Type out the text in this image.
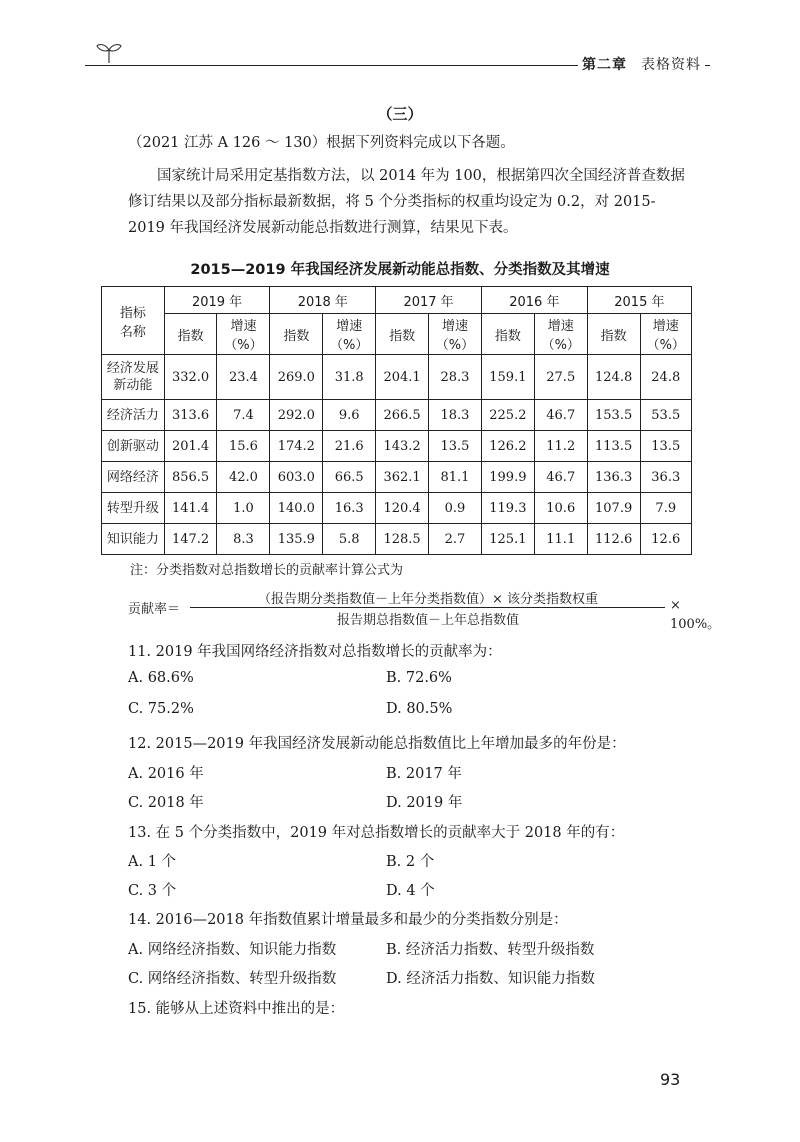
第二章 表格资料
（三）
（2021 江苏 A 126 ～ 130）根据下列资料完成以下各题。
国家统计局采用定基指数方法，以 2014 年为 100，根据第四次全国经济普查数据修订结果以及部分指标最新数据，将 5 个分类指标的权重均设定为 0.2，对 2015-2019 年我国经济发展新动能总指数进行测算，结果见下表。
2015—2019 年我国经济发展新动能总指数、分类指数及其增速
指标名称	2019 年		2018 年		2017 年		2016 年		2015 年	
	指数	增速（%）	指数	增速（%）	指数	增速（%）	指数	增速（%）	指数	增速（%）
经济发展新动能	332.0	23.4	269.0	31.8	204.1	28.3	159.1	27.5	124.8	24.8
经济活力	313.6	7.4	292.0	9.6	266.5	18.3	225.2	46.7	153.5	53.5
创新驱动	201.4	15.6	174.2	21.6	143.2	13.5	126.2	11.2	113.5	13.5
网络经济	856.5	42.0	603.0	66.5	362.1	81.1	199.9	46.7	136.3	36.3
转型升级	141.4	1.0	140.0	16.3	120.4	0.9	119.3	10.6	107.9	7.9
知识能力	147.2	8.3	135.9	5.8	128.5	2.7	125.1	11.1	112.6	12.6
注：分类指数对总指数增长的贡献率计算公式为
贡献率＝
（报告期分类指数值－上年分类指数值）× 该分类指数权重
报告期总指数值－上年总指数值
× 100%。
11. 2019 年我国网络经济指数对总指数增长的贡献率为：
A. 68.6%	B. 72.6%
C. 75.2%	D. 80.5%
12. 2015—2019 年我国经济发展新动能总指数值比上年增加最多的年份是：
A. 2016 年	B. 2017 年
C. 2018 年	D. 2019 年
13. 在 5 个分类指数中，2019 年对总指数增长的贡献率大于 2018 年的有：
A. 1 个	B. 2 个
C. 3 个	D. 4 个
14. 2016—2018 年指数值累计增量最多和最少的分类指数分别是：
A. 网络经济指数、知识能力指数	B. 经济活力指数、转型升级指数
C. 网络经济指数、转型升级指数	D. 经济活力指数、知识能力指数
15. 能够从上述资料中推出的是：
93
